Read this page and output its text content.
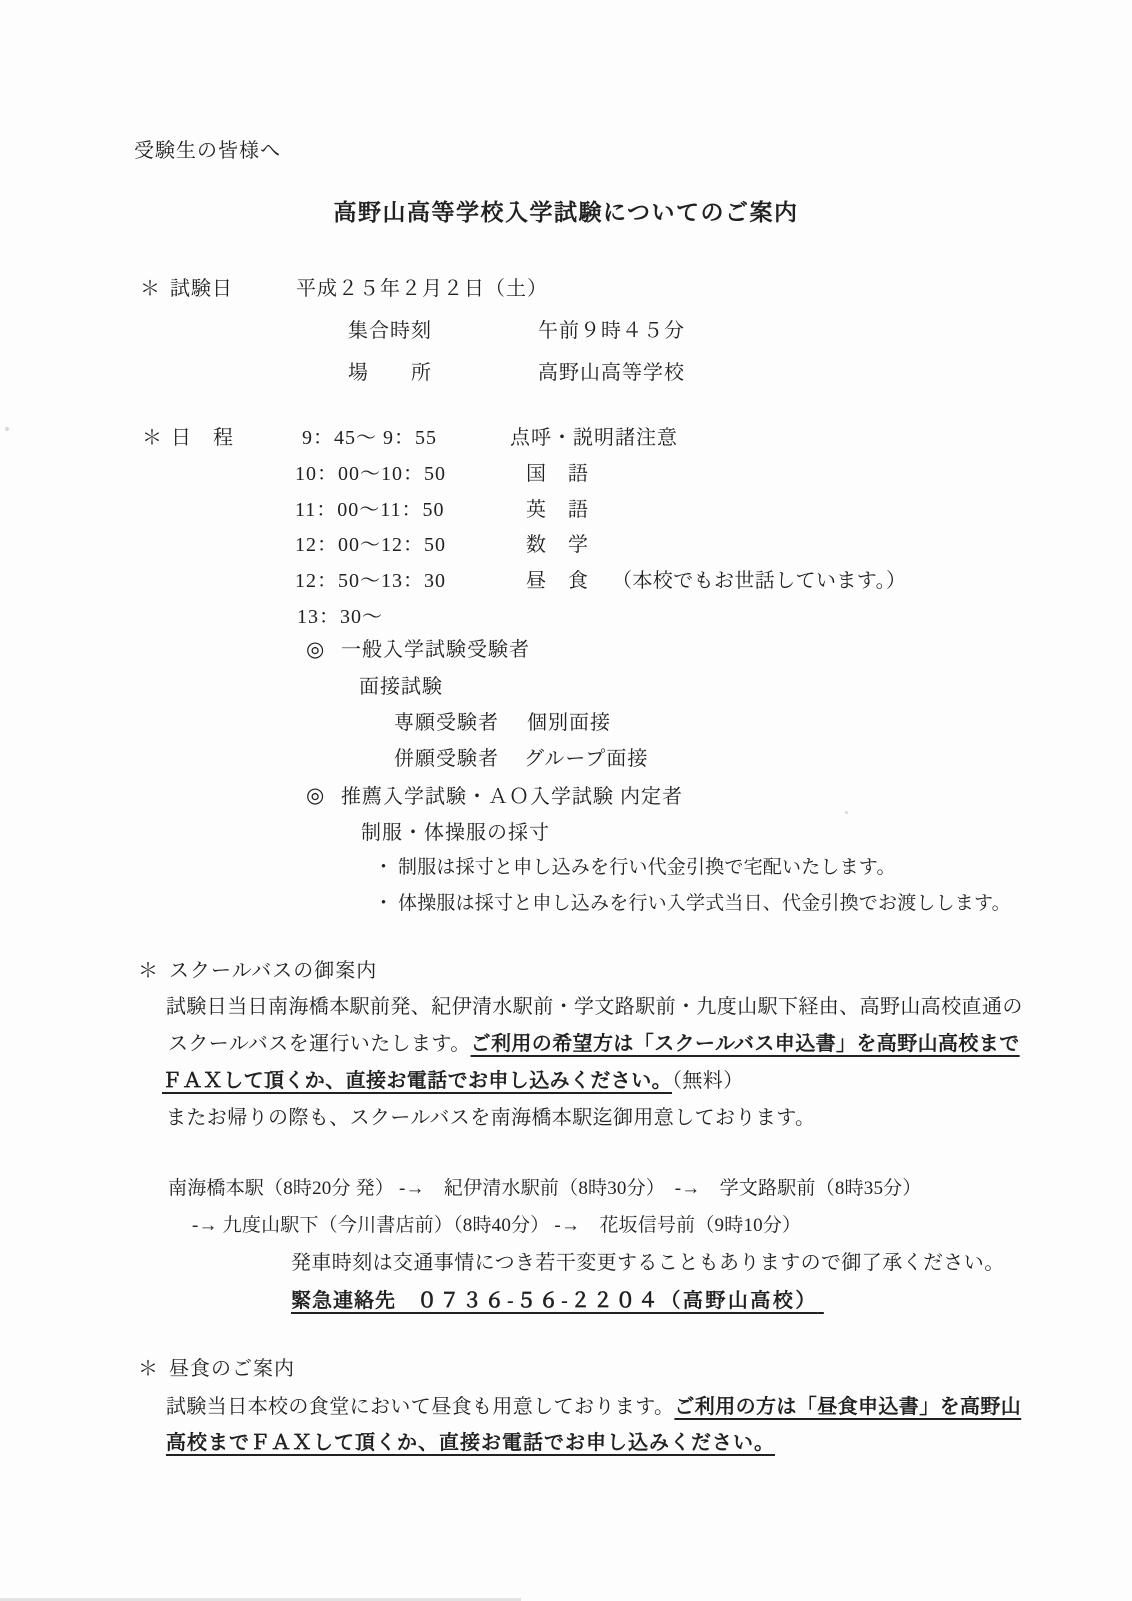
受験生の皆様へ
高野山高等学校入学試験についてのご案内
＊ 試験日	平成２５年２月２日（土）
集合時刻	午前９時４５分
場　　所	高野山高等学校
＊ 日　程	9：45～ 9：55	点呼・説明諸注意
10：00～10：50	国　語
11：00～11：50	英　語
12：00～12：50	数　学
12：50～13：30	昼　食 （本校でもお世話しています。）
13：30～
◎ 一般入学試験受験者
面接試験
専願受験者 個別面接
併願受験者 グループ面接
◎ 推薦入学試験・ＡＯ入学試験 内定者
制服・体操服の採寸
・ 制服は採寸と申し込みを行い代金引換で宅配いたします。
・ 体操服は採寸と申し込みを行い入学式当日、代金引換でお渡しします。
＊ スクールバスの御案内
試験日当日南海橋本駅前発、紀伊清水駅前・学文路駅前・九度山駅下経由、高野山高校直通の
スクールバスを運行いたします。ご利用の希望方は「スクールバス申込書」を高野山高校まで
ＦＡＸして頂くか、直接お電話でお申し込みください。（無料）
またお帰りの際も、スクールバスを南海橋本駅迄御用意しております。
南海橋本駅（8時20分 発） ‐→　紀伊清水駅前（8時30分）　‐→　学文路駅前（8時35分）
‐→ 九度山駅下（今川書店前）（8時40分） ‐→　花坂信号前（9時10分）
発車時刻は交通事情につき若干変更することもありますので御了承ください。
緊急連絡先　 ０７３６‐５６‐２２０４（高野山高校）
＊ 昼食のご案内
試験当日本校の食堂において昼食も用意しております。ご利用の方は「昼食申込書」を高野山
高校までＦＡＸして頂くか、直接お電話でお申し込みください。
